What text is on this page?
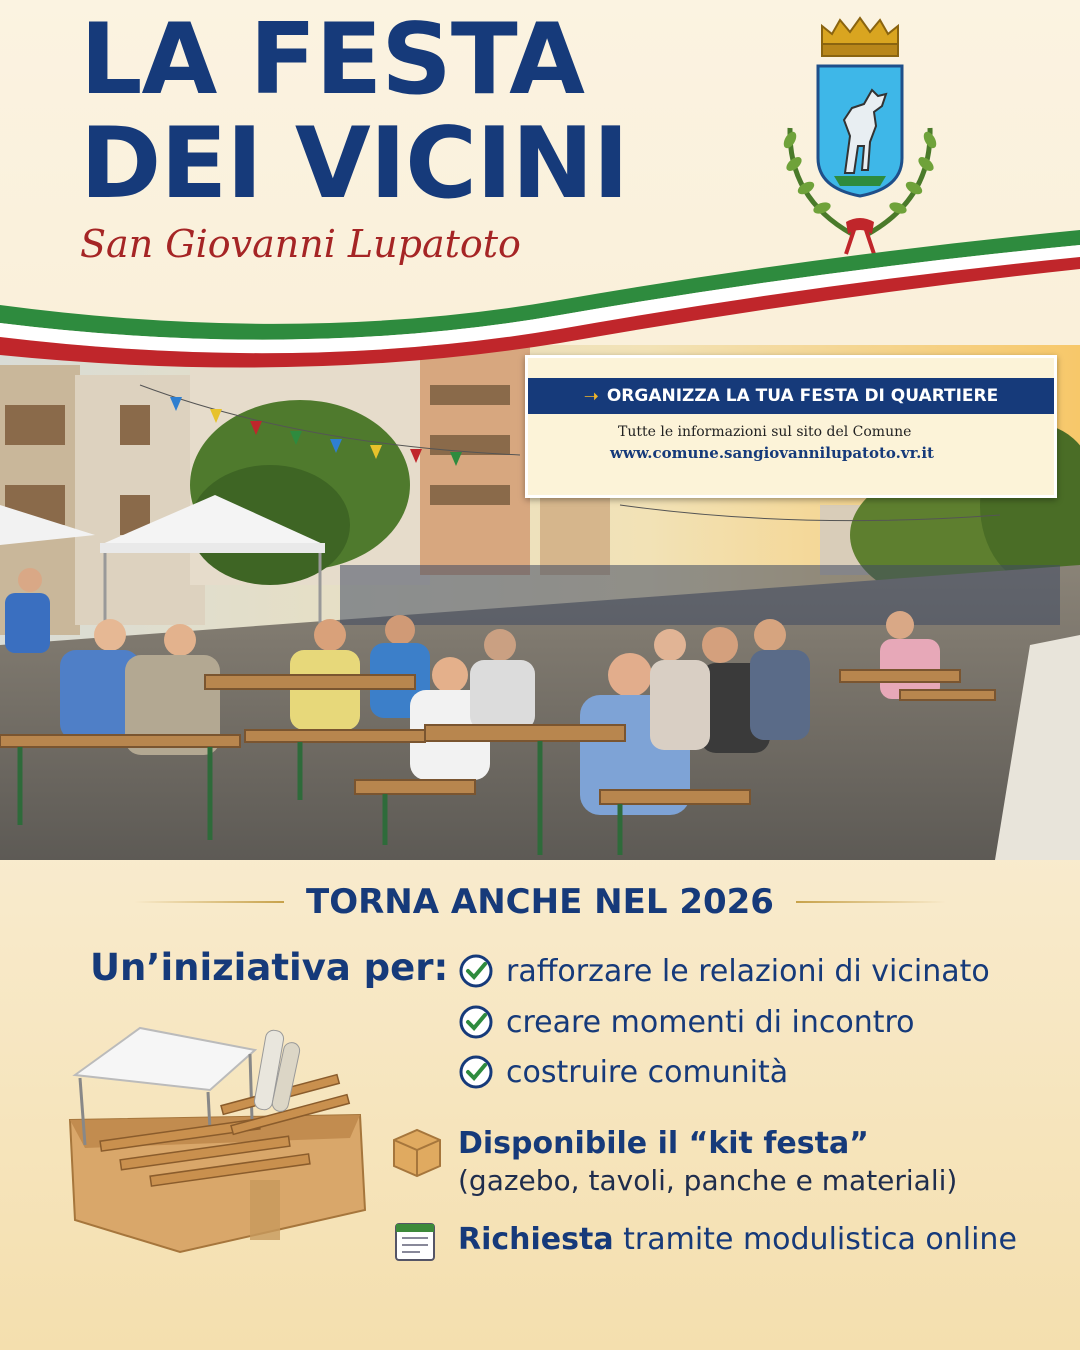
LA FESTA
DEI VICINI
San Giovanni Lupatoto
➝ ORGANIZZA LA TUA FESTA DI QUARTIERE
Tutte le informazioni sul sito del Comune
www.comune.sangiovannilupatoto.vr.it
TORNA ANCHE NEL 2026
Un’iniziativa per: rafforzare le relazioni di vicinato
creare momenti di incontro
costruire comunità
Disponibile il “kit festa”
(gazebo, tavoli, panche e materiali)
Richiesta tramite modulistica online
